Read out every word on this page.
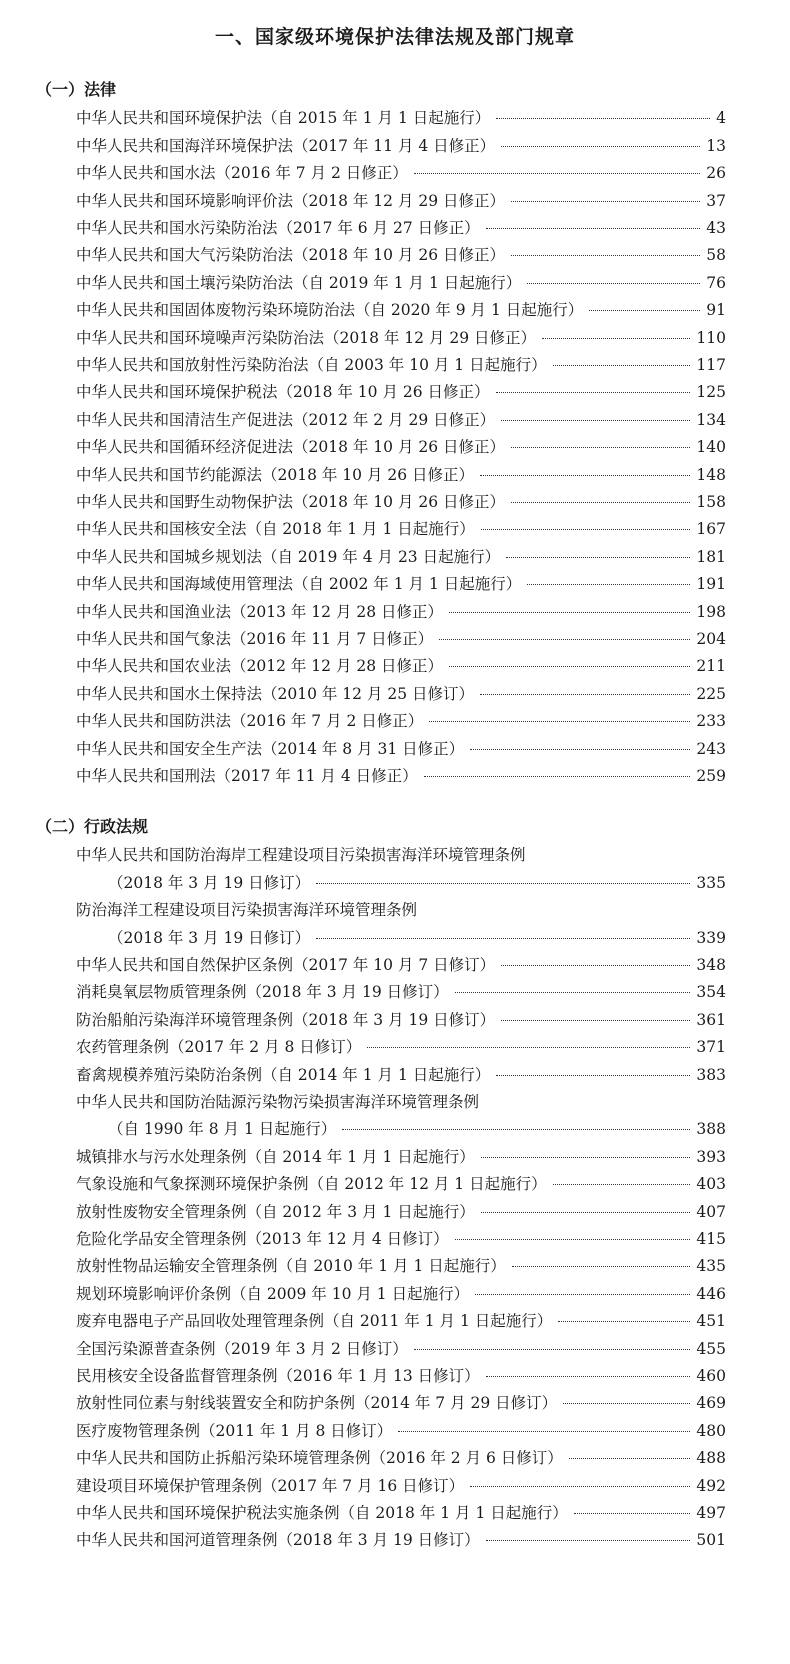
一、国家级环境保护法律法规及部门规章
（一）法律
中华人民共和国环境保护法（自 2015 年 1 月 1 日起施行）	4
中华人民共和国海洋环境保护法（2017 年 11 月 4 日修正）	13
中华人民共和国水法（2016 年 7 月 2 日修正）	26
中华人民共和国环境影响评价法（2018 年 12 月 29 日修正）	37
中华人民共和国水污染防治法（2017 年 6 月 27 日修正）	43
中华人民共和国大气污染防治法（2018 年 10 月 26 日修正）	58
中华人民共和国土壤污染防治法（自 2019 年 1 月 1 日起施行）	76
中华人民共和国固体废物污染环境防治法（自 2020 年 9 月 1 日起施行）	91
中华人民共和国环境噪声污染防治法（2018 年 12 月 29 日修正）	110
中华人民共和国放射性污染防治法（自 2003 年 10 月 1 日起施行）	117
中华人民共和国环境保护税法（2018 年 10 月 26 日修正）	125
中华人民共和国清洁生产促进法（2012 年 2 月 29 日修正）	134
中华人民共和国循环经济促进法（2018 年 10 月 26 日修正）	140
中华人民共和国节约能源法（2018 年 10 月 26 日修正）	148
中华人民共和国野生动物保护法（2018 年 10 月 26 日修正）	158
中华人民共和国核安全法（自 2018 年 1 月 1 日起施行）	167
中华人民共和国城乡规划法（自 2019 年 4 月 23 日起施行）	181
中华人民共和国海域使用管理法（自 2002 年 1 月 1 日起施行）	191
中华人民共和国渔业法（2013 年 12 月 28 日修正）	198
中华人民共和国气象法（2016 年 11 月 7 日修正）	204
中华人民共和国农业法（2012 年 12 月 28 日修正）	211
中华人民共和国水土保持法（2010 年 12 月 25 日修订）	225
中华人民共和国防洪法（2016 年 7 月 2 日修正）	233
中华人民共和国安全生产法（2014 年 8 月 31 日修正）	243
中华人民共和国刑法（2017 年 11 月 4 日修正）	259
（二）行政法规
中华人民共和国防治海岸工程建设项目污染损害海洋环境管理条例
（2018 年 3 月 19 日修订）	335
防治海洋工程建设项目污染损害海洋环境管理条例
（2018 年 3 月 19 日修订）	339
中华人民共和国自然保护区条例（2017 年 10 月 7 日修订）	348
消耗臭氧层物质管理条例（2018 年 3 月 19 日修订）	354
防治船舶污染海洋环境管理条例（2018 年 3 月 19 日修订）	361
农药管理条例（2017 年 2 月 8 日修订）	371
畜禽规模养殖污染防治条例（自 2014 年 1 月 1 日起施行）	383
中华人民共和国防治陆源污染物污染损害海洋环境管理条例
（自 1990 年 8 月 1 日起施行）	388
城镇排水与污水处理条例（自 2014 年 1 月 1 日起施行）	393
气象设施和气象探测环境保护条例（自 2012 年 12 月 1 日起施行）	403
放射性废物安全管理条例（自 2012 年 3 月 1 日起施行）	407
危险化学品安全管理条例（2013 年 12 月 4 日修订）	415
放射性物品运输安全管理条例（自 2010 年 1 月 1 日起施行）	435
规划环境影响评价条例（自 2009 年 10 月 1 日起施行）	446
废弃电器电子产品回收处理管理条例（自 2011 年 1 月 1 日起施行）	451
全国污染源普查条例（2019 年 3 月 2 日修订）	455
民用核安全设备监督管理条例（2016 年 1 月 13 日修订）	460
放射性同位素与射线装置安全和防护条例（2014 年 7 月 29 日修订）	469
医疗废物管理条例（2011 年 1 月 8 日修订）	480
中华人民共和国防止拆船污染环境管理条例（2016 年 2 月 6 日修订）	488
建设项目环境保护管理条例（2017 年 7 月 16 日修订）	492
中华人民共和国环境保护税法实施条例（自 2018 年 1 月 1 日起施行）	497
中华人民共和国河道管理条例（2018 年 3 月 19 日修订）	501
